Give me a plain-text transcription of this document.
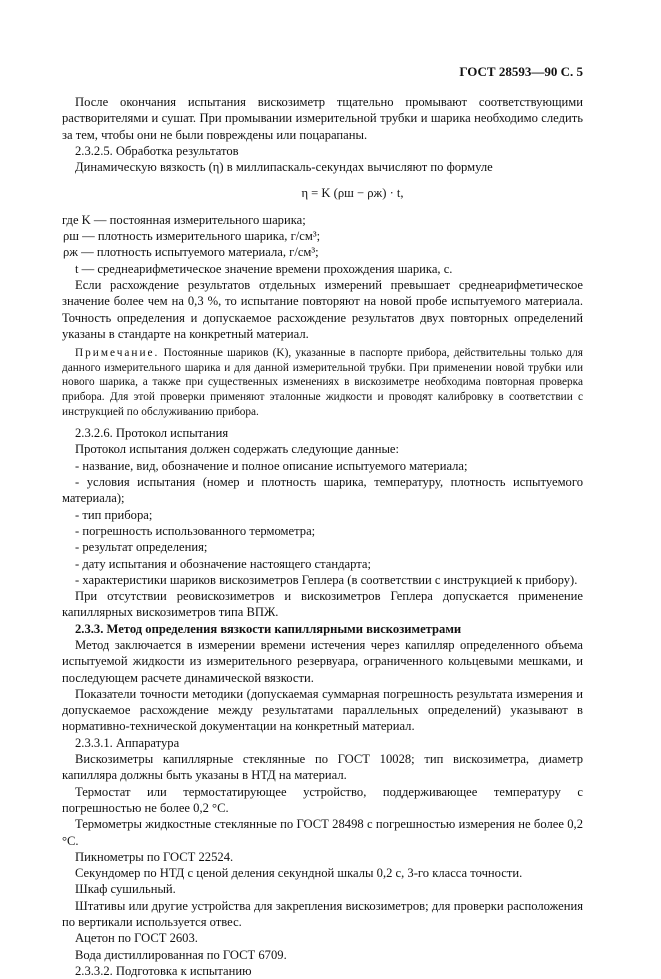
ГОСТ 28593—90 С. 5

После окончания испытания вискозиметр тщательно промывают соответствующими растворителями и сушат. При промывании измерительной трубки и шарика необходимо следить за тем, чтобы они не были повреждены или поцарапаны.

2.3.2.5. Обработка результатов

Динамическую вязкость (η) в миллипаскаль-секундах вычисляют по формуле

η = K (ρш − ρж) · t,

где K — постоянная измерительного шарика;
ρш — плотность измерительного шарика, г/см³;
ρж — плотность испытуемого материала, г/см³;
t — среднеарифметическое значение времени прохождения шарика, с.

Если расхождение результатов отдельных измерений превышает среднеарифметическое значение более чем на 0,3 %, то испытание повторяют на новой пробе испытуемого материала. Точность определения и допускаемое расхождение результатов двух повторных определений указаны в стандарте на конкретный материал.

Примечание. Постоянные шариков (K), указанные в паспорте прибора, действительны только для данного измерительного шарика и для данной измерительной трубки. При применении новой трубки или нового шарика, а также при существенных изменениях в вискозиметре необходима повторная проверка прибора. Для этой проверки применяют эталонные жидкости и проводят калибровку в соответствии с инструкцией по обслуживанию прибора.

2.3.2.6. Протокол испытания

Протокол испытания должен содержать следующие данные:

- название, вид, обозначение и полное описание испытуемого материала;

- условия испытания (номер и плотность шарика, температуру, плотность испытуемого материала);

- тип прибора;

- погрешность использованного термометра;

- результат определения;

- дату испытания и обозначение настоящего стандарта;

- характеристики шариков вискозиметров Геплера (в соответствии с инструкцией к прибору).

При отсутствии реовискозиметров и вискозиметров Геплера допускается применение капиллярных вискозиметров типа ВПЖ.

2.3.3. Метод определения вязкости капиллярными вискозиметрами

Метод заключается в измерении времени истечения через капилляр определенного объема испытуемой жидкости из измерительного резервуара, ограниченного кольцевыми мешками, и последующем расчете динамической вязкости.

Показатели точности методики (допускаемая суммарная погрешность результата измерения и допускаемое расхождение между результатами параллельных определений) указывают в нормативно-технической документации на конкретный материал.

2.3.3.1. Аппаратура

Вискозиметры капиллярные стеклянные по ГОСТ 10028; тип вискозиметра, диаметр капилляра должны быть указаны в НТД на материал.

Термостат или термостатирующее устройство, поддерживающее температуру с погрешностью не более 0,2 °С.

Термометры жидкостные стеклянные по ГОСТ 28498 с погрешностью измерения не более 0,2 °С.

Пикнометры по ГОСТ 22524.

Секундомер по НТД с ценой деления секундной шкалы 0,2 с, 3-го класса точности.

Шкаф сушильный.

Штативы или другие устройства для закрепления вискозиметров; для проверки расположения по вертикали используется отвес.

Ацетон по ГОСТ 2603.

Вода дистиллированная по ГОСТ 6709.

2.3.3.2. Подготовка к испытанию
